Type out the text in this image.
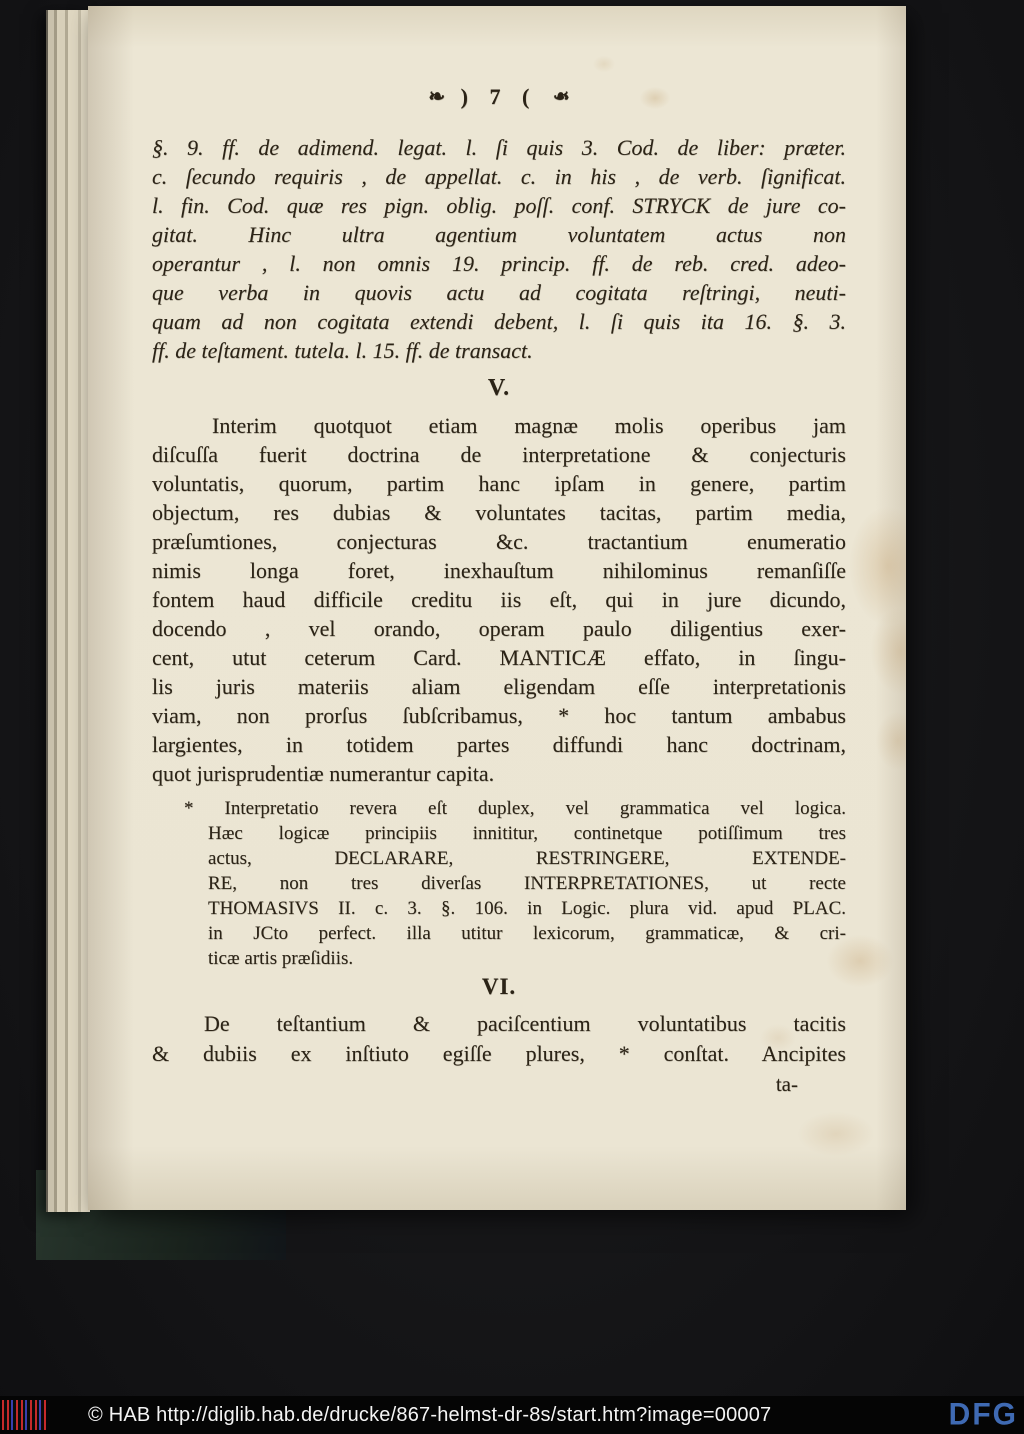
❧ ) 7 ( ❧
§. 9. ff. de adimend. legat. l. ſi quis 3. Cod. de liber: præter.
c. ſecundo requiris , de appellat. c. in his , de verb. ſignificat.
l. fin. Cod. quæ res pign. oblig. poſſ. conf. STRYCK de jure co-
gitat. Hinc ultra agentium voluntatem actus non
operantur , l. non omnis 19. princip. ff. de reb. cred. adeo-
que verba in quovis actu ad cogitata reſtringi, neuti-
quam ad non cogitata extendi debent, l. ſi quis ita 16. §. 3.
ff. de teſtament. tutela. l. 15. ff. de transact.
V.
Interim quotquot etiam magnæ molis operibus jam
diſcuſſa fuerit doctrina de interpretatione & conjecturis
voluntatis, quorum, partim hanc ipſam in genere, partim
objectum, res dubias & voluntates tacitas, partim media,
præſumtiones, conjecturas &c. tractantium enumeratio
nimis longa foret, inexhauſtum nihilominus remanſiſſe
fontem haud difficile creditu iis eſt, qui in jure dicundo,
docendo , vel orando, operam paulo diligentius exer-
cent, utut ceterum Card. MANTICÆ effato, in ſingu-
lis juris materiis aliam eligendam eſſe interpretationis
viam, non prorſus ſubſcribamus, * hoc tantum ambabus
largientes, in totidem partes diffundi hanc doctrinam,
quot jurisprudentiæ numerantur capita.
* Interpretatio revera eſt duplex, vel grammatica vel logica.
Hæc logicæ principiis innititur, continetque potiſſimum tres
actus, DECLARARE, RESTRINGERE, EXTENDE-
RE, non tres diverſas INTERPRETATIONES, ut recte
THOMASIVS II. c. 3. §. 106. in Logic. plura vid. apud PLAC.
in JCto perfect. illa utitur lexicorum, grammaticæ, & cri-
ticæ artis præſidiis.
VI.
De teſtantium & paciſcentium voluntatibus tacitis
& dubiis ex inſtiuto egiſſe plures, * conſtat. Ancipites
ta-
© HAB http://diglib.hab.de/drucke/867-helmst-dr-8s/start.htm?image=00007	DFG
